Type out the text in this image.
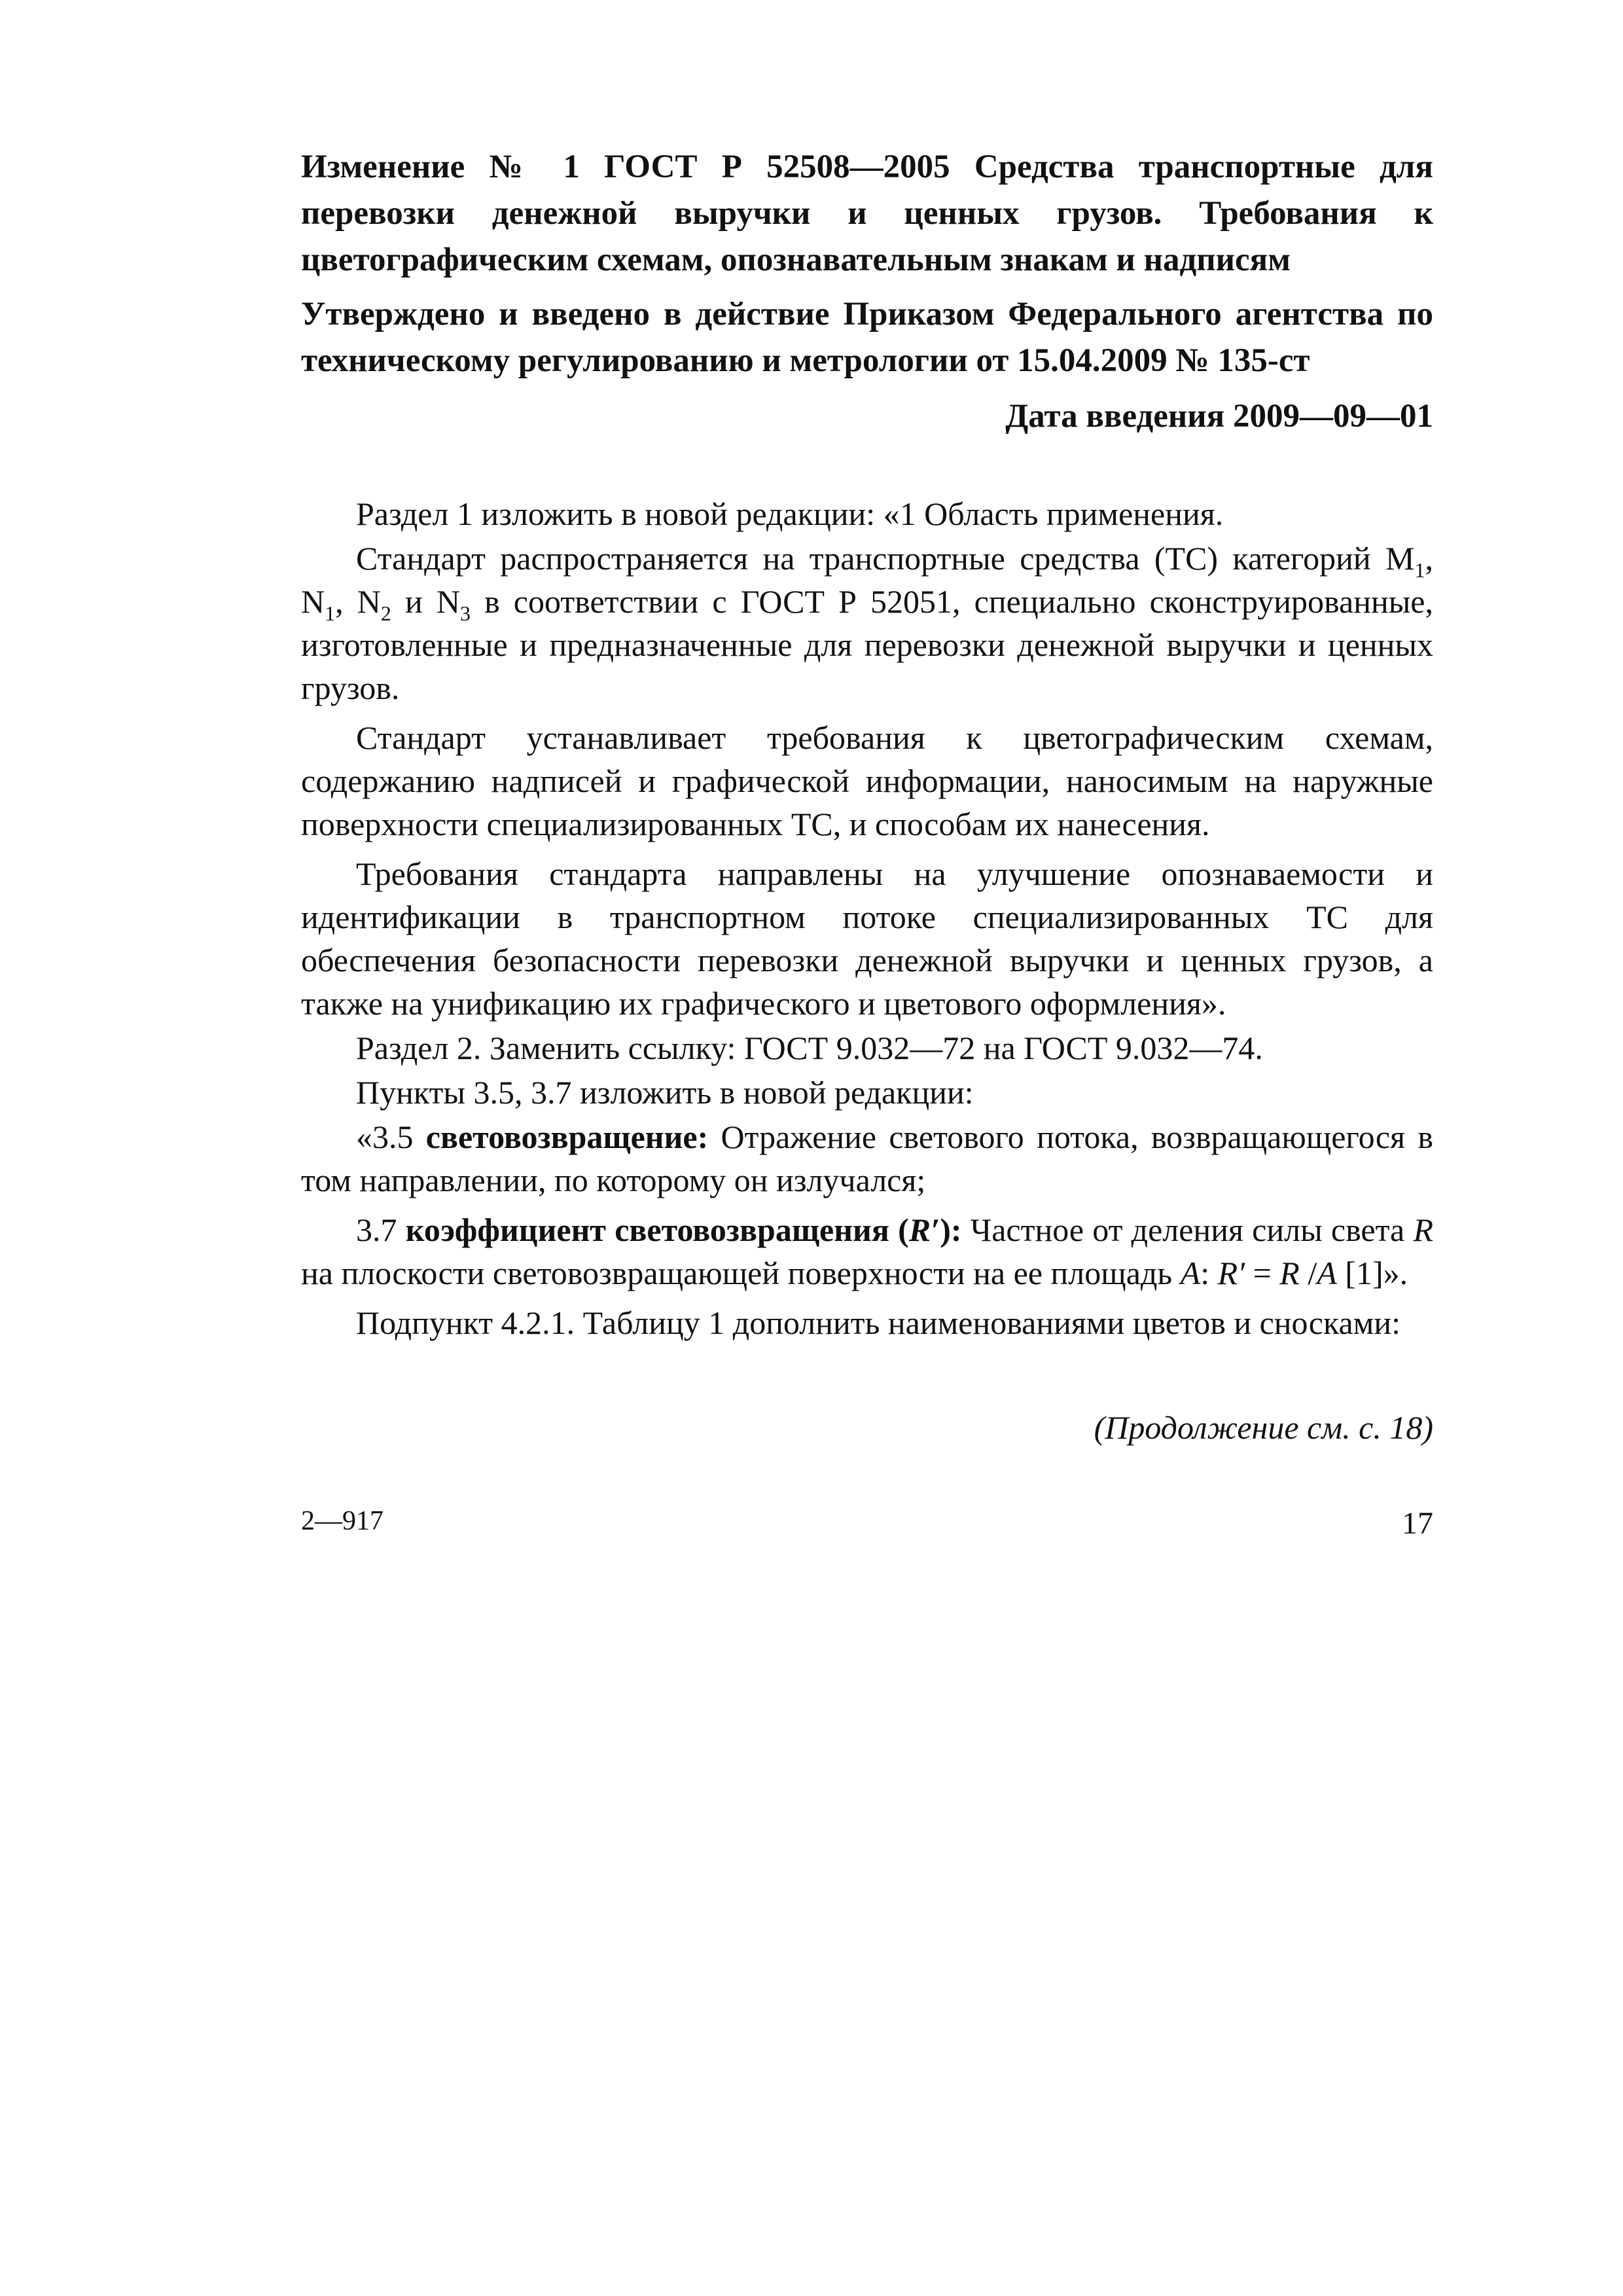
Изменение № 1 ГОСТ Р 52508—2005 Средства транспортные для перевозки денежной выручки и ценных грузов. Требования к цветографическим схемам, опознавательным знакам и надписям

Утверждено и введено в действие Приказом Федерального агентства по техническому регулированию и метрологии от 15.04.2009 № 135-ст

Дата введения 2009—09—01

Раздел 1 изложить в новой редакции: «1 Область применения.

Стандарт распространяется на транспортные средства (ТС) категорий $М_1$, $N_1$, $N_2$ и $N_3$ в соответствии с ГОСТ Р 52051, специально сконструированные, изготовленные и предназначенные для перевозки денежной выручки и ценных грузов.

Стандарт устанавливает требования к цветографическим схемам, содержанию надписей и графической информации, наносимым на наружные поверхности специализированных ТС, и способам их нанесения.

Требования стандарта направлены на улучшение опознаваемости и идентификации в транспортном потоке специализированных ТС для обеспечения безопасности перевозки денежной выручки и ценных грузов, а также на унификацию их графического и цветового оформления».

Раздел 2. Заменить ссылку: ГОСТ 9.032—72 на ГОСТ 9.032—74.

Пункты 3.5, 3.7 изложить в новой редакции:

«3.5 световозвращение: Отражение светового потока, возвращающегося в том направлении, по которому он излучался;

3.7 коэффициент световозвращения (R′): Частное от деления силы света R на плоскости световозвращающей поверхности на ее площадь A: R′ = R /A [1]».

Подпункт 4.2.1. Таблицу 1 дополнить наименованиями цветов и сносками:

(Продолжение см. с. 18)
2—917	17
